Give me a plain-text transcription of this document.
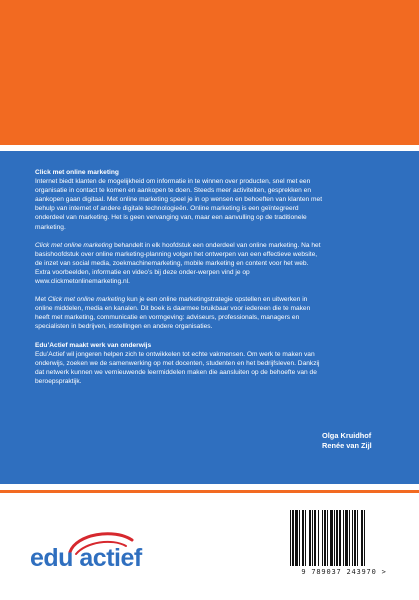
Click met online marketing
Internet biedt klanten de mogelijkheid om informatie in te winnen over producten, snel met een organisatie in contact te komen en aankopen te doen. Steeds meer activiteiten, gesprekken en aankopen gaan digitaal. Met online marketing speel je in op wensen en behoeften van klanten met behulp van internet of andere digitale technologieën. Online marketing is een geïntegreerd onderdeel van marketing. Het is geen vervanging van, maar een aanvulling op de traditionele marketing.

Click met online marketing behandelt in elk hoofdstuk een onderdeel van online marketing. Na het basishoofdstuk over online marketing-planning volgen het ontwerpen van een effectieve website, de inzet van social media, zoekmachinemarketing, mobile marketing en content voor het web. Extra voorbeelden, informatie en video’s bij deze onder-werpen vind je op www.clickmetonlinemarketing.nl.

Met Click met online marketing kun je een online marketingstrategie opstellen en uitwerken in online middelen, media en kanalen. Dit boek is daarmee bruikbaar voor iedereen die te maken heeft met marketing, communicatie en vormgeving: adviseurs, professionals, managers en specialisten in bedrijven, instellingen en andere organisaties.

Edu’Actief maakt werk van onderwijs
Edu’Actief wil jongeren helpen zich te ontwikkelen tot echte vakmensen. Om werk te maken van onderwijs, zoeken we de samenwerking op met docenten, studenten en het bedrijfsleven. Dankzij dat netwerk kunnen we vernieuwende leermiddelen maken die aansluiten op de behoefte van de beroepspraktijk.

Olga Kruidhof
Renée van Zijl
edu actief	9 789037 243970 >
